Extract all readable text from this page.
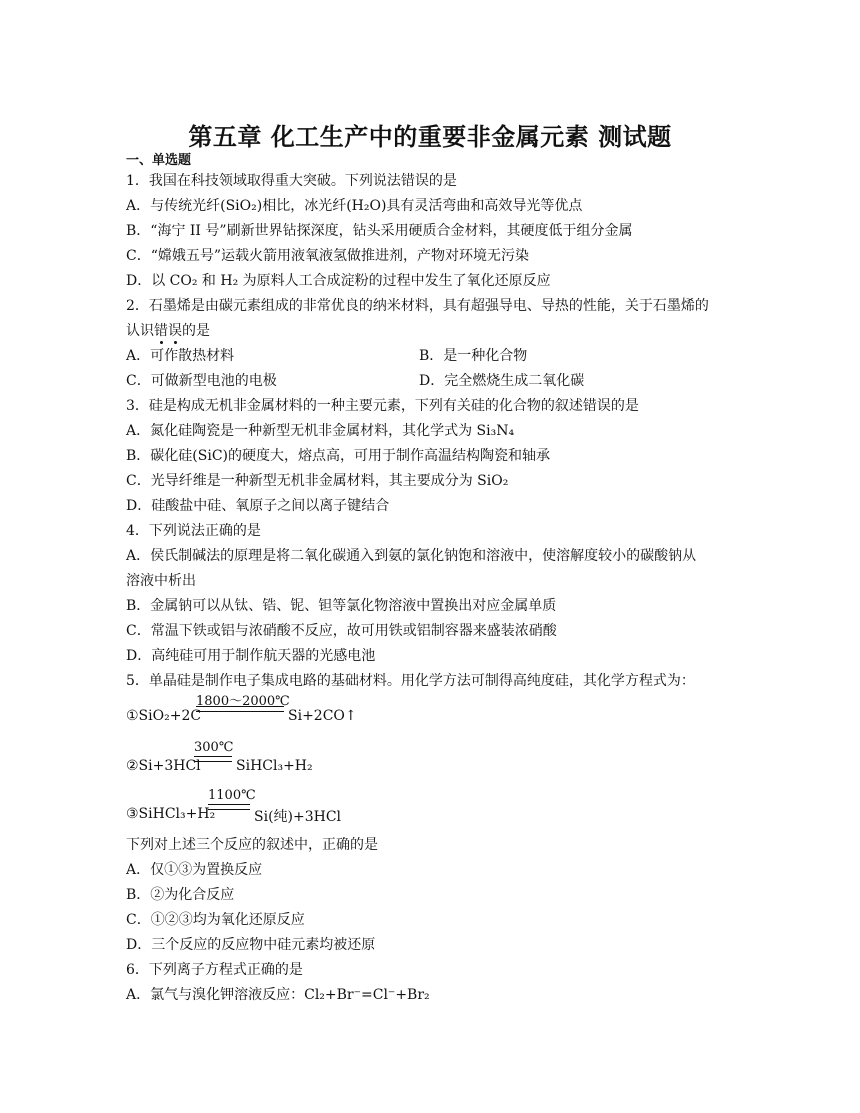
第五章 化工生产中的重要非金属元素 测试题
一、单选题
1．我国在科技领域取得重大突破。下列说法错误的是
A．与传统光纤(SiO₂)相比，冰光纤(H₂O)具有灵活弯曲和高效导光等优点
B．“海宁 II 号”刷新世界钻探深度，钻头采用硬质合金材料，其硬度低于组分金属
C．“嫦娥五号”运载火箭用液氧液氢做推进剂，产物对环境无污染
D．以 CO₂ 和 H₂ 为原料人工合成淀粉的过程中发生了氧化还原反应
2．石墨烯是由碳元素组成的非常优良的纳米材料，具有超强导电、导热的性能，关于石墨烯的
认识错误的是
A．可作散热材料	B．是一种化合物
C．可做新型电池的电极	D．完全燃烧生成二氧化碳
3．硅是构成无机非金属材料的一种主要元素，下列有关硅的化合物的叙述错误的是
A．氮化硅陶瓷是一种新型无机非金属材料，其化学式为 Si₃N₄
B．碳化硅(SiC)的硬度大，熔点高，可用于制作高温结构陶瓷和轴承
C．光导纤维是一种新型无机非金属材料，其主要成分为 SiO₂
D．硅酸盐中硅、氧原子之间以离子键结合
4．下列说法正确的是
A．侯氏制碱法的原理是将二氧化碳通入到氨的氯化钠饱和溶液中，使溶解度较小的碳酸钠从
溶液中析出
B．金属钠可以从钛、锆、铌、钽等氯化物溶液中置换出对应金属单质
C．常温下铁或铝与浓硝酸不反应，故可用铁或铝制容器来盛装浓硝酸
D．高纯硅可用于制作航天器的光感电池
5．单晶硅是制作电子集成电路的基础材料。用化学方法可制得高纯度硅，其化学方程式为：
①SiO₂+2C
1800～2000℃
Si+2CO↑
②Si+3HCl
300℃
SiHCl₃+H₂
③SiHCl₃+H₂
1100℃
Si(纯)+3HCl
下列对上述三个反应的叙述中，正确的是
A．仅①③为置换反应
B．②为化合反应
C．①②③均为氧化还原反应
D．三个反应的反应物中硅元素均被还原
6．下列离子方程式正确的是
A．氯气与溴化钾溶液反应：Cl₂+Br⁻=Cl⁻+Br₂
